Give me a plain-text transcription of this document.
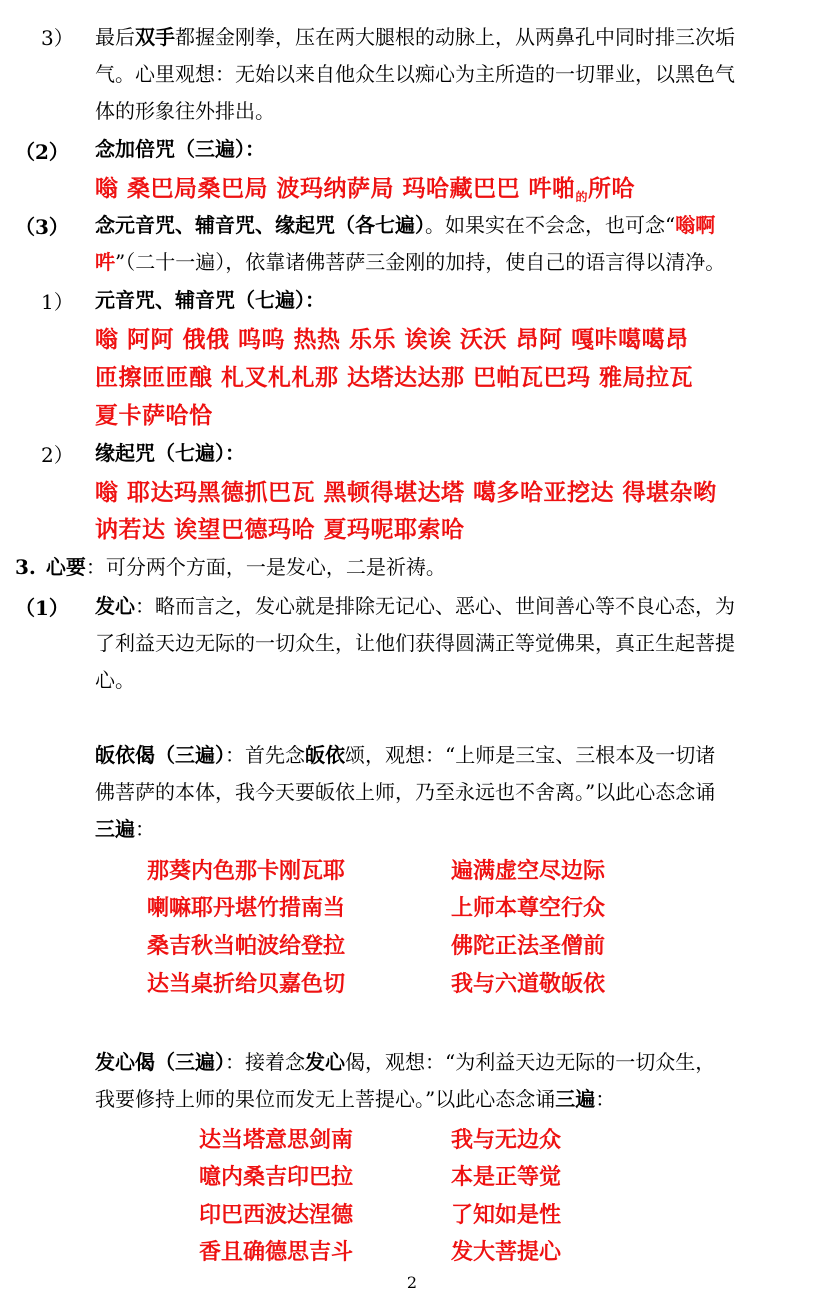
3） 最后双手都握金刚拳，压在两大腿根的动脉上，从两鼻孔中同时排三次垢
气。心里观想：无始以来自他众生以痴心为主所造的一切罪业，以黑色气
体的形象往外排出。
（2） 念加倍咒（三遍）：
嗡 桑巴局桑巴局 波玛纳萨局 玛哈藏巴巴 吽啪$_的$所哈
（3） 念元音咒、辅音咒、缘起咒（各七遍）。如果实在不会念，也可念“嗡啊
吽”（二十一遍），依靠诸佛菩萨三金刚的加持，使自己的语言得以清净。
1） 元音咒、辅音咒（七遍）：
嗡 阿阿 俄俄 呜呜 热热 乐乐 诶诶 沃沃 昂阿 嘎咔噶噶昂
匝擦匝匝酿 札叉札札那 达塔达达那 巴帕瓦巴玛 雅局拉瓦
夏卡萨哈恰
2） 缘起咒（七遍）：
嗡 耶达玛黑德抓巴瓦 黑顿得堪达塔 噶多哈亚挖达 得堪杂哟
讷若达 诶望巴德玛哈 夏玛呢耶索哈
3. 心要：可分两个方面，一是发心，二是祈祷。
（1） 发心：略而言之，发心就是排除无记心、恶心、世间善心等不良心态，为
了利益天边无际的一切众生，让他们获得圆满正等觉佛果，真正生起菩提
心。
皈依偈（三遍）：首先念皈依颂，观想：“上师是三宝、三根本及一切诸
佛菩萨的本体，我今天要皈依上师，乃至永远也不舍离。”以此心态念诵
三遍：
那葵内色那卡刚瓦耶	遍满虚空尽边际
喇嘛耶丹堪竹措南当	上师本尊空行众
桑吉秋当帕波给登拉	佛陀正法圣僧前
达当桌折给贝嘉色切	我与六道敬皈依
发心偈（三遍）：接着念发心偈，观想：“为利益天边无际的一切众生，
我要修持上师的果位而发无上菩提心。”以此心态念诵三遍：
达当塔意思剑南	我与无边众
噫内桑吉印巴拉	本是正等觉
印巴西波达涅德	了知如是性
香且确德思吉斗	发大菩提心
2
